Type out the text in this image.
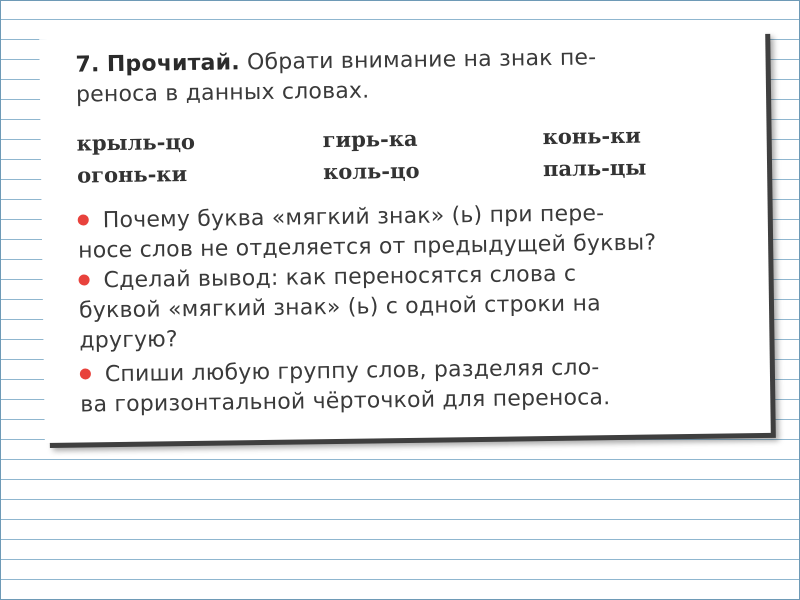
7. Прочитай. Обрати внимание на знак пе-
реноса в данных словах.
крыль-цо
огонь-ки
гирь-ка
коль-цо
конь-ки
паль-цы
Почему буква «мягкий знак» (ь) при пере-
носе слов не отделяется от предыдущей буквы?
Сделай вывод: как переносятся слова с
буквой «мягкий знак» (ь) с одной строки на
другую?
Спиши любую группу слов, разделяя сло-
ва горизонтальной чёрточкой для переноса.
